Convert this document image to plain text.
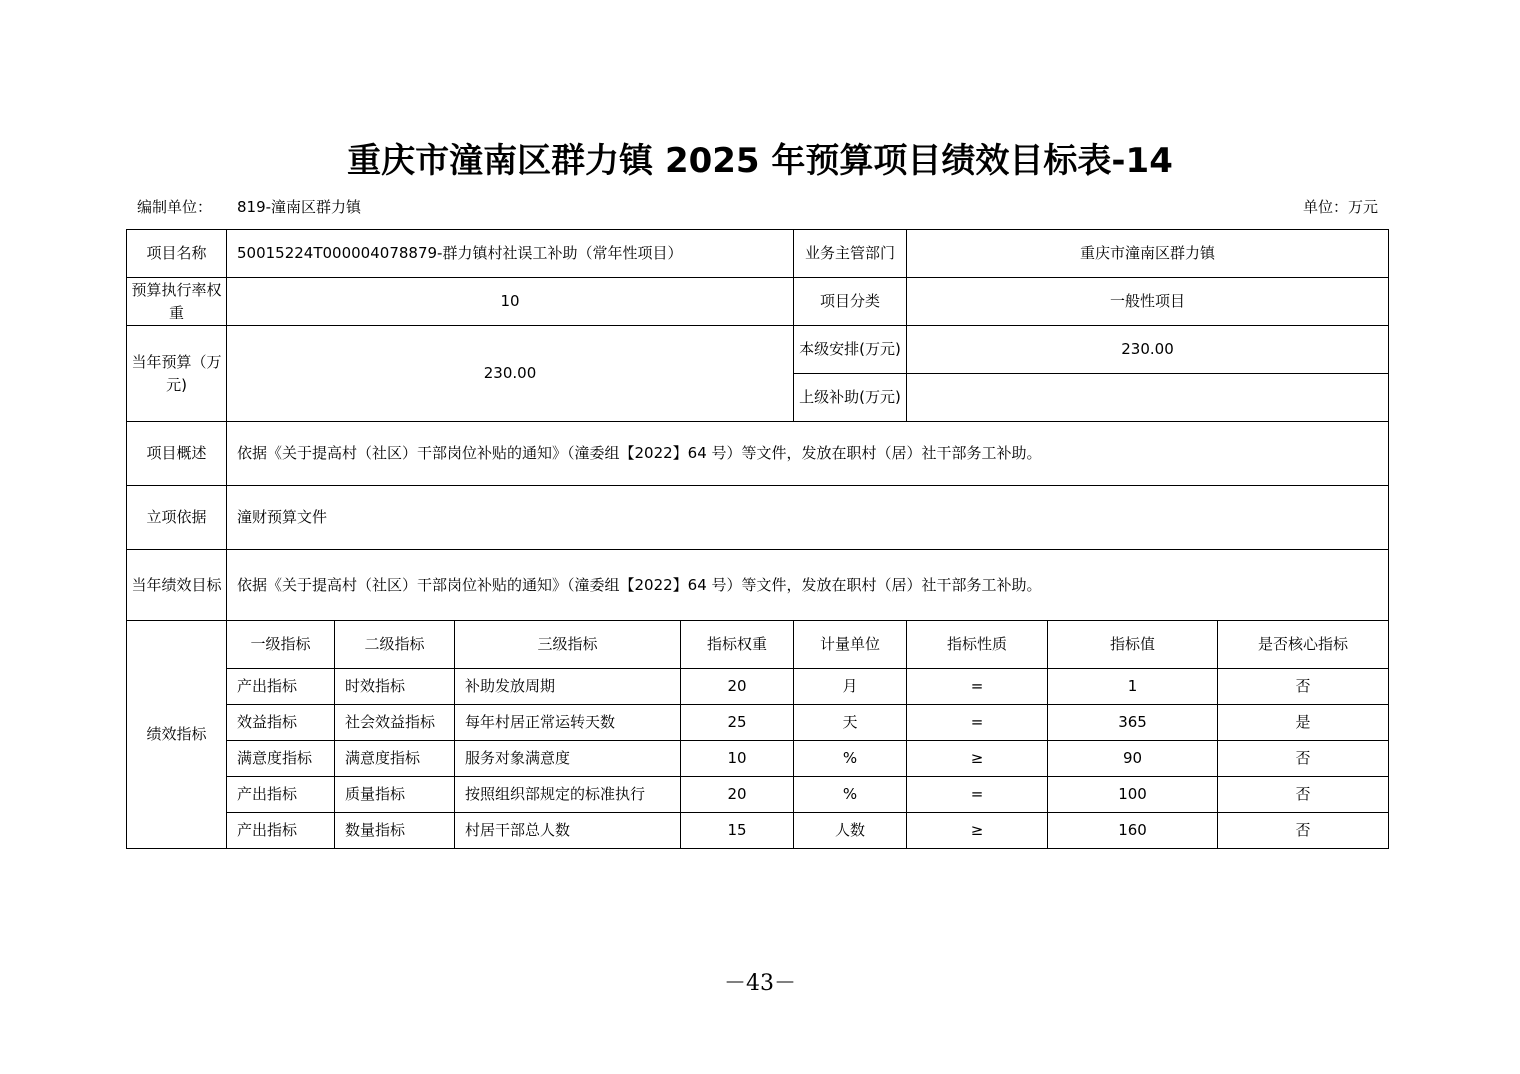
重庆市潼南区群力镇 2025 年预算项目绩效目标表-14
编制单位： 819-潼南区群力镇	单位：万元
项目名称	50015224T000004078879-群力镇村社误工补助（常年性项目）				业务主管部门	重庆市潼南区群力镇		
预算执行率权重	10				项目分类	一般性项目		
当年预算（万元)	230.00				本级安排(万元)	230.00		
					上级补助(万元)			
项目概述	依据《关于提高村（社区）干部岗位补贴的通知》（潼委组【2022】64 号）等文件，发放在职村（居）社干部务工补助。							
立项依据	潼财预算文件							
当年绩效目标	依据《关于提高村（社区）干部岗位补贴的通知》（潼委组【2022】64 号）等文件，发放在职村（居）社干部务工补助。							
绩效指标	一级指标	二级指标	三级指标	指标权重	计量单位	指标性质	指标值	是否核心指标
	产出指标	时效指标	补助发放周期	20	月	=	1	否
	效益指标	社会效益指标	每年村居正常运转天数	25	天	=	365	是
	满意度指标	满意度指标	服务对象满意度	10	%	≥	90	否
	产出指标	质量指标	按照组织部规定的标准执行	20	%	=	100	否
	产出指标	数量指标	村居干部总人数	15	人数	≥	160	否
－43－
